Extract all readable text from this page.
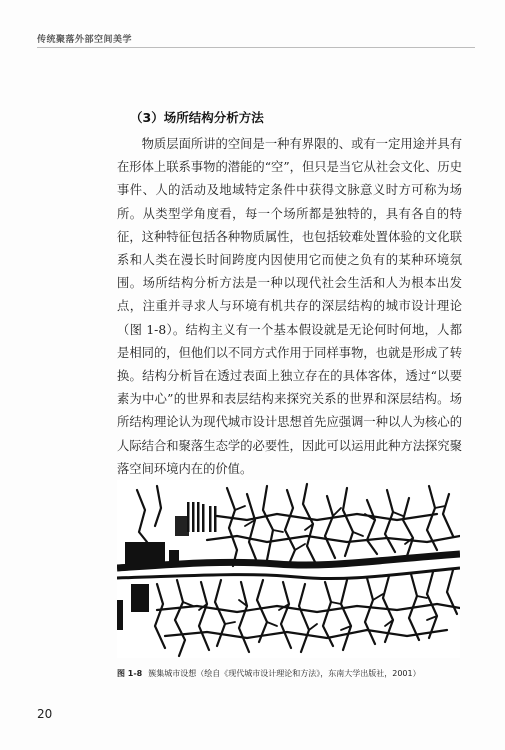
传统聚落外部空间美学
（3）场所结构分析方法

物质层面所讲的空间是一种有界限的、或有一定用途并具有在形体上联系事物的潜能的“空”，但只是当它从社会文化、历史事件、人的活动及地域特定条件中获得文脉意义时方可称为场所。从类型学角度看，每一个场所都是独特的，具有各自的特征，这种特征包括各种物质属性，也包括较难处置体验的文化联系和人类在漫长时间跨度内因使用它而使之负有的某种环境氛围。场所结构分析方法是一种以现代社会生活和人为根本出发点，注重并寻求人与环境有机共存的深层结构的城市设计理论（图 1-8）。结构主义有一个基本假设就是无论何时何地，人都是相同的，但他们以不同方式作用于同样事物，也就是形成了转换。结构分析旨在透过表面上独立存在的具体客体，透过“以要素为中心”的世界和表层结构来探究关系的世界和深层结构。场所结构理论认为现代城市设计思想首先应强调一种以人为核心的人际结合和聚落生态学的必要性，因此可以运用此种方法探究聚落空间环境内在的价值。

图 1-8 簇集城市设想（绘自《现代城市设计理论和方法》，东南大学出版社，2001）
20
